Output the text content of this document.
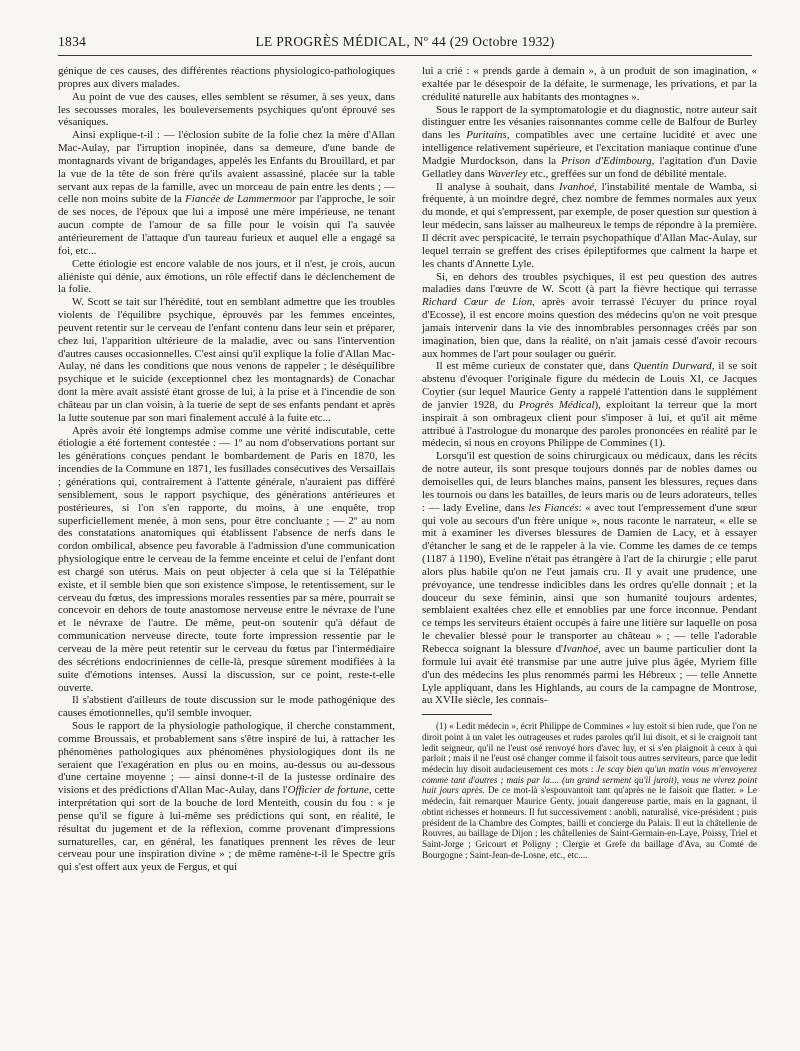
1834	LE PROGRÈS MÉDICAL, Nº 44 (29 Octobre 1932)

génique de ces causes, des différentes réactions physiologico-pathologiques propres aux divers malades.

Au point de vue des causes, elles semblent se résumer, à ses yeux, dans les secousses morales, les bouleversements psychiques qu'ont éprouvé ses vésaniques.

Ainsi explique-t-il : — l'éclosion subite de la folie chez la mère d'Allan Mac-Aulay, par l'irruption inopinée, dans sa demeure, d'une bande de montagnards vivant de brigandages, appelés les Enfants du Brouillard, et par la vue de la tête de son frère qu'ils avaient assassiné, placée sur la table servant aux repas de la famille, avec un morceau de pain entre les dents ; — celle non moins subite de la Fiancée de Lammermoor par l'approche, le soir de ses noces, de l'époux que lui a imposé une mère impérieuse, ne tenant aucun compte de l'amour de sa fille pour le voisin qui l'a sauvée antérieurement de l'attaque d'un taureau furieux et auquel elle a engagé sa foi, etc...

Cette étiologie est encore valable de nos jours, et il n'est, je crois, aucun aliéniste qui dénie, aux émotions, un rôle effectif dans le déclenchement de la folie.

W. Scott se tait sur l'hérédité, tout en semblant admettre que les troubles violents de l'équilibre psychique, éprouvés par les femmes enceintes, peuvent retentir sur le cerveau de l'enfant contenu dans leur sein et préparer, chez lui, l'apparition ultérieure de la maladie, avec ou sans l'intervention d'autres causes occasionnelles. C'est ainsi qu'il explique la folie d'Allan Mac-Aulay, né dans les conditions que nous venons de rappeler ; le déséquilibre psychique et le suicide (exceptionnel chez les montagnards) de Conachar dont la mère avait assisté étant grosse de lui, à la prise et à l'incendie de son château par un clan voisin, à la tuerie de sept de ses enfants pendant et après la lutte soutenue par son mari finalement acculé à la fuite etc...

Après avoir été longtemps admise comme une vérité indiscutable, cette étiologie a été fortement contestée : — 1º au nom d'observations portant sur les générations conçues pendant le bombardement de Paris en 1870, les incendies de la Commune en 1871, les fusillades consécutives des Versaillais ; générations qui, contrairement à l'attente générale, n'auraient pas différé sensiblement, sous le rapport psychique, des générations antérieures et postérieures, si l'on s'en rapporte, du moins, à une enquête, trop superficiellement menée, à mon sens, pour être concluante ; — 2º au nom des constatations anatomiques qui établissent l'absence de nerfs dans le cordon ombilical, absence peu favorable à l'admission d'une communication physiologique entre le cerveau de la femme enceinte et celui de l'enfant dont est chargé son utérus. Mais on peut objecter à cela que si la Télépathie existe, et il semble bien que son existence s'impose, le retentissement, sur le cerveau du fœtus, des impressions morales ressenties par sa mère, pourrait se concevoir en dehors de toute anastomose nerveuse entre le névraxe de l'une et le névraxe de l'autre. De même, peut-on soutenir qu'à défaut de communication nerveuse directe, toute forte impression ressentie par le cerveau de la mère peut retentir sur le cerveau du fœtus par l'intermédiaire des sécrétions endocriniennes de celle-là, presque sûrement modifiées à la suite d'émotions intenses. Aussi la discussion, sur ce point, reste-t-elle ouverte.

Il s'abstient d'ailleurs de toute discussion sur le mode pathogénique des causes émotionnelles, qu'il semble invoquer.

Sous le rapport de la physiologie pathologique, il cherche constamment, comme Broussais, et probablement sans s'être inspiré de lui, à rattacher les phénomènes pathologiques aux phénomènes physiologiques dont ils ne seraient que l'exagération en plus ou en moins, au-dessus ou au-dessous d'une certaine moyenne ; — ainsi donne-t-il de la justesse ordinaire des visions et des prédictions d'Allan Mac-Aulay, dans l'Officier de fortune, cette interprétation qui sort de la bouche de lord Menteith, cousin du fou : « je pense qu'il se figure à lui-même ses prédictions qui sont, en réalité, le résultat du jugement et de la réflexion, comme provenant d'impressions surnaturelles, car, en général, les fanatiques prennent les rêves de leur cerveau pour une inspiration divine » ; de même ramène-t-il le Spectre gris qui s'est offert aux yeux de Fergus, et qui

lui a crié : « prends garde à demain », à un produit de son imagination, « exaltée par le désespoir de la défaite, le surmenage, les privations, et par la crédulité naturelle aux habitants des montagnes ».

Sous le rapport de la symptomatologie et du diagnostic, notre auteur sait distinguer entre les vésanies raisonnantes comme celle de Balfour de Burley dans les Puritains, compatibles avec une certaine lucidité et avec une intelligence relativement supérieure, et l'excitation maniaque continue d'une Madgie Murdockson, dans la Prison d'Edimbourg, l'agitation d'un Davie Gellatley dans Waverley etc., greffées sur un fond de débilité mentale.

Il analyse à souhait, dans Ivanhoé, l'instabilité mentale de Wamba, si fréquente, à un moindre degré, chez nombre de femmes normales aux yeux du monde, et qui s'empressent, par exemple, de poser question sur question à leur médecin, sans laisser au malheureux le temps de répondre à la première. Il décrit avec perspicacité, le terrain psychopathique d'Allan Mac-Aulay, sur lequel terrain se greffent des crises épileptiformes que calment la harpe et les chants d'Annette Lyle.

Si, en dehors des troubles psychiques, il est peu question des autres maladies dans l'œuvre de W. Scott (à part la fièvre hectique qui terrasse Richard Cœur de Lion, après avoir terrassé l'écuyer du prince royal d'Ecosse), il est encore moins question des médecins qu'on ne voit presque jamais intervenir dans la vie des innombrables personnages créés par son imagination, bien que, dans la réalité, on n'ait jamais cessé d'avoir recours aux hommes de l'art pour soulager ou guérir.

Il est même curieux de constater que, dans Quentin Durward, il se soit abstenu d'évoquer l'originale figure du médecin de Louis XI, ce Jacques Coytier (sur lequel Maurice Genty a rappelé l'attention dans le supplément de janvier 1928, du Progrès Médical), exploitant la terreur que la mort inspirait à son ombrageux client pour s'imposer à lui, et qu'il ait même attribué à l'astrologue du monarque des paroles prononcées en réalité par le médecin, si nous en croyons Philippe de Commines (1).

Lorsqu'il est question de soins chirurgicaux ou médicaux, dans les récits de notre auteur, ils sont presque toujours donnés par de nobles dames ou demoiselles qui, de leurs blanches mains, pansent les blessures, reçues dans les tournois ou dans les batailles, de leurs maris ou de leurs adorateurs, telles : — lady Eveline, dans les Fiancés: « avec tout l'empressement d'une sœur qui vole au secours d'un frère unique », nous raconte le narrateur, « elle se mit à examiner les diverses blessures de Damien de Lacy, et à essayer d'étancher le sang et de le rappeler à la vie. Comme les dames de ce temps (1187 à 1190), Eveline n'était pas étrangère à l'art de la chirurgie ; elle parut alors plus habile qu'on ne l'eut jamais cru. Il y avait une prudence, une prévoyance, une tendresse indicibles dans les ordres qu'elle donnait ; et la douceur du sexe féminin, ainsi que son humanité toujours ardentes, semblaient exaltées chez elle et ennoblies par une force inconnue. Pendant ce temps les serviteurs étaient occupés à faire une litière sur laquelle on posa le chevalier blessé pour le transporter au château » ; — telle l'adorable Rebecca soignant la blessure d'Ivanhoé, avec un baume particulier dont la formule lui avait été transmise par une autre juive plus âgée, Myriem fille d'un des médecins les plus renommés parmi les Hébreux ; — telle Annette Lyle appliquant, dans les Highlands, au cours de la campagne de Montrose, au XVIIe siècle, les connais-

(1) « Ledit médecin », écrit Philippe de Commines « luy estoit si bien rude, que l'on ne diroit point à un valet les outrageuses et rudes paroles qu'il lui disoit, et si le craignoit tant ledit seigneur, qu'il ne l'eust osé renvoyé hors d'avec luy, et si s'en plaignoit à ceux à qui parloit ; mais il ne l'eust osé changer comme il faisoit tous autres serviteurs, parce que ledit médecin luy disoit audacieusement ces mots : Je scay bien qu'un matin vous m'envoyerez comme tant d'autres ; mais par la.... (un grand serment qu'il juroit), vous ne vivrez point huit jours après. De ce mot-là s'espouvantoit tant qu'après ne le faisoit que flatter. » Le médecin, fait remarquer Maurice Genty, jouait dangereuse partie, mais en la gagnant, il obtint richesses et honneurs. Il fut successivement : anobli, naturalisé, vice-président ; puis président de la Chambre des Comptes, bailli et concierge du Palais. Il eut la châtellenie de Rouvres, au baillage de Dijon ; les châtellenies de Saint-Germain-en-Laye, Poissy, Triel et Saint-Jorge ; Gricourt et Poligny ; Clergie et Grefe du baillage d'Ava, au Comté de Bourgogne ; Saint-Jean-de-Losne, etc., etc....
